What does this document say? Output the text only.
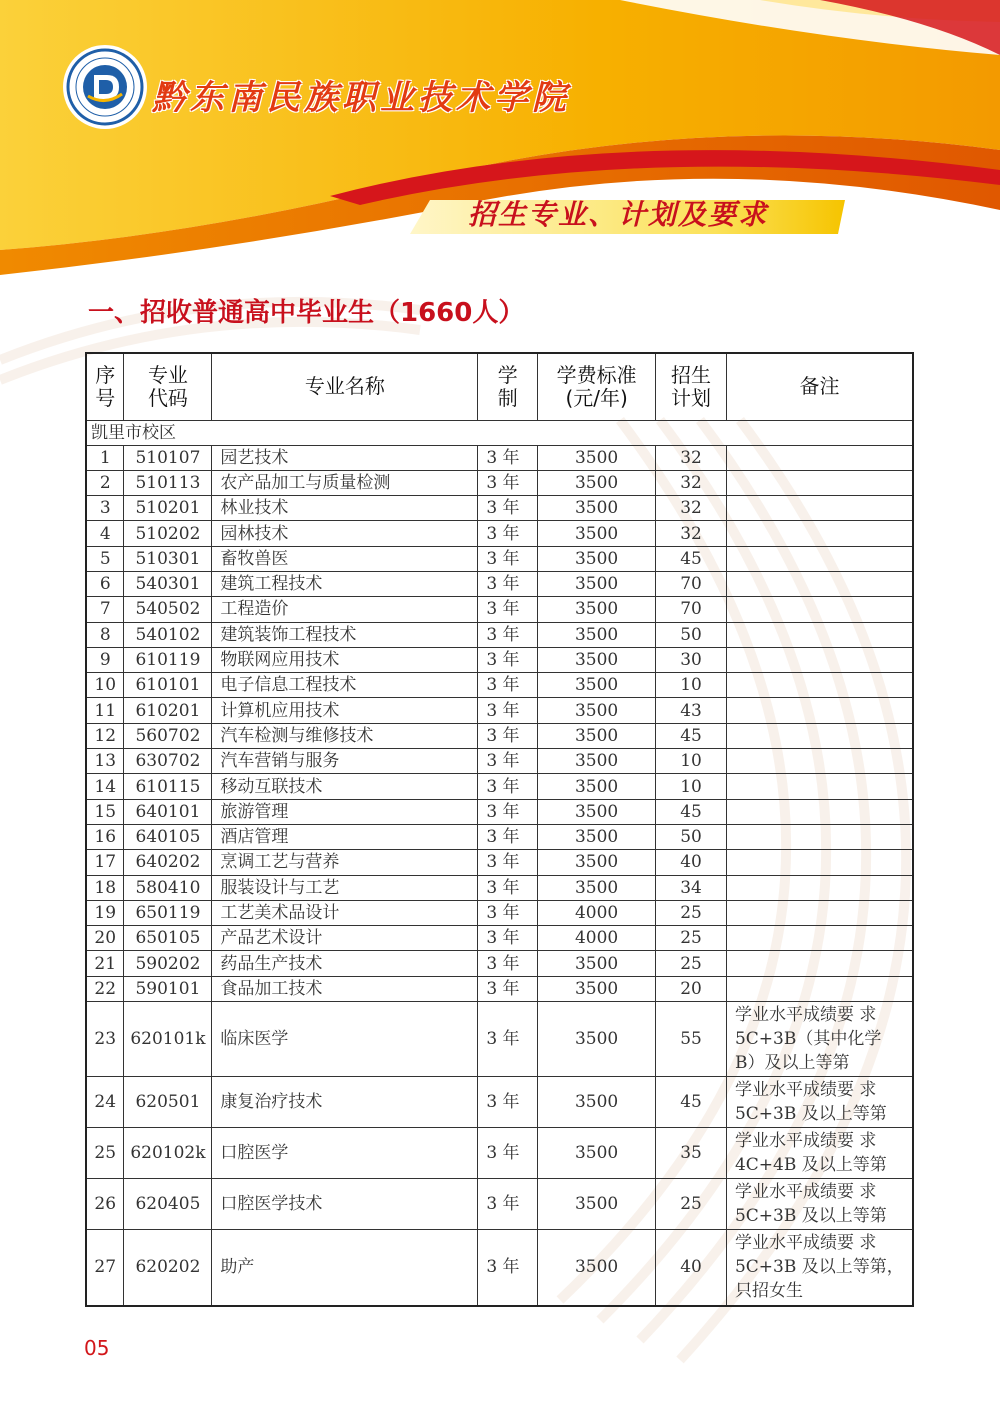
黔东南民族职业技术学院
招生专业、计划及要求
一、招收普通高中毕业生（1660人）
序号	专业代码	专业名称	学制	学费标准(元/年)	招生计划	备注
凯里市校区						
1	510107	园艺技术	3 年	3500	32	
2	510113	农产品加工与质量检测	3 年	3500	32	
3	510201	林业技术	3 年	3500	32	
4	510202	园林技术	3 年	3500	32	
5	510301	畜牧兽医	3 年	3500	45	
6	540301	建筑工程技术	3 年	3500	70	
7	540502	工程造价	3 年	3500	70	
8	540102	建筑装饰工程技术	3 年	3500	50	
9	610119	物联网应用技术	3 年	3500	30	
10	610101	电子信息工程技术	3 年	3500	10	
11	610201	计算机应用技术	3 年	3500	43	
12	560702	汽车检测与维修技术	3 年	3500	45	
13	630702	汽车营销与服务	3 年	3500	10	
14	610115	移动互联技术	3 年	3500	10	
15	640101	旅游管理	3 年	3500	45	
16	640105	酒店管理	3 年	3500	50	
17	640202	烹调工艺与营养	3 年	3500	40	
18	580410	服装设计与工艺	3 年	3500	34	
19	650119	工艺美术品设计	3 年	4000	25	
20	650105	产品艺术设计	3 年	4000	25	
21	590202	药品生产技术	3 年	3500	25	
22	590101	食品加工技术	3 年	3500	20	
23	620101k	临床医学	3 年	3500	55	学业水平成绩要 求5C+3B（其中化学 B）及以上等第
24	620501	康复治疗技术	3 年	3500	45	学业水平成绩要 求5C+3B 及以上等第
25	620102k	口腔医学	3 年	3500	35	学业水平成绩要 求4C+4B 及以上等第
26	620405	口腔医学技术	3 年	3500	25	学业水平成绩要 求5C+3B 及以上等第
27	620202	助产	3 年	3500	40	学业水平成绩要 求5C+3B 及以上等第，只招女生
05
